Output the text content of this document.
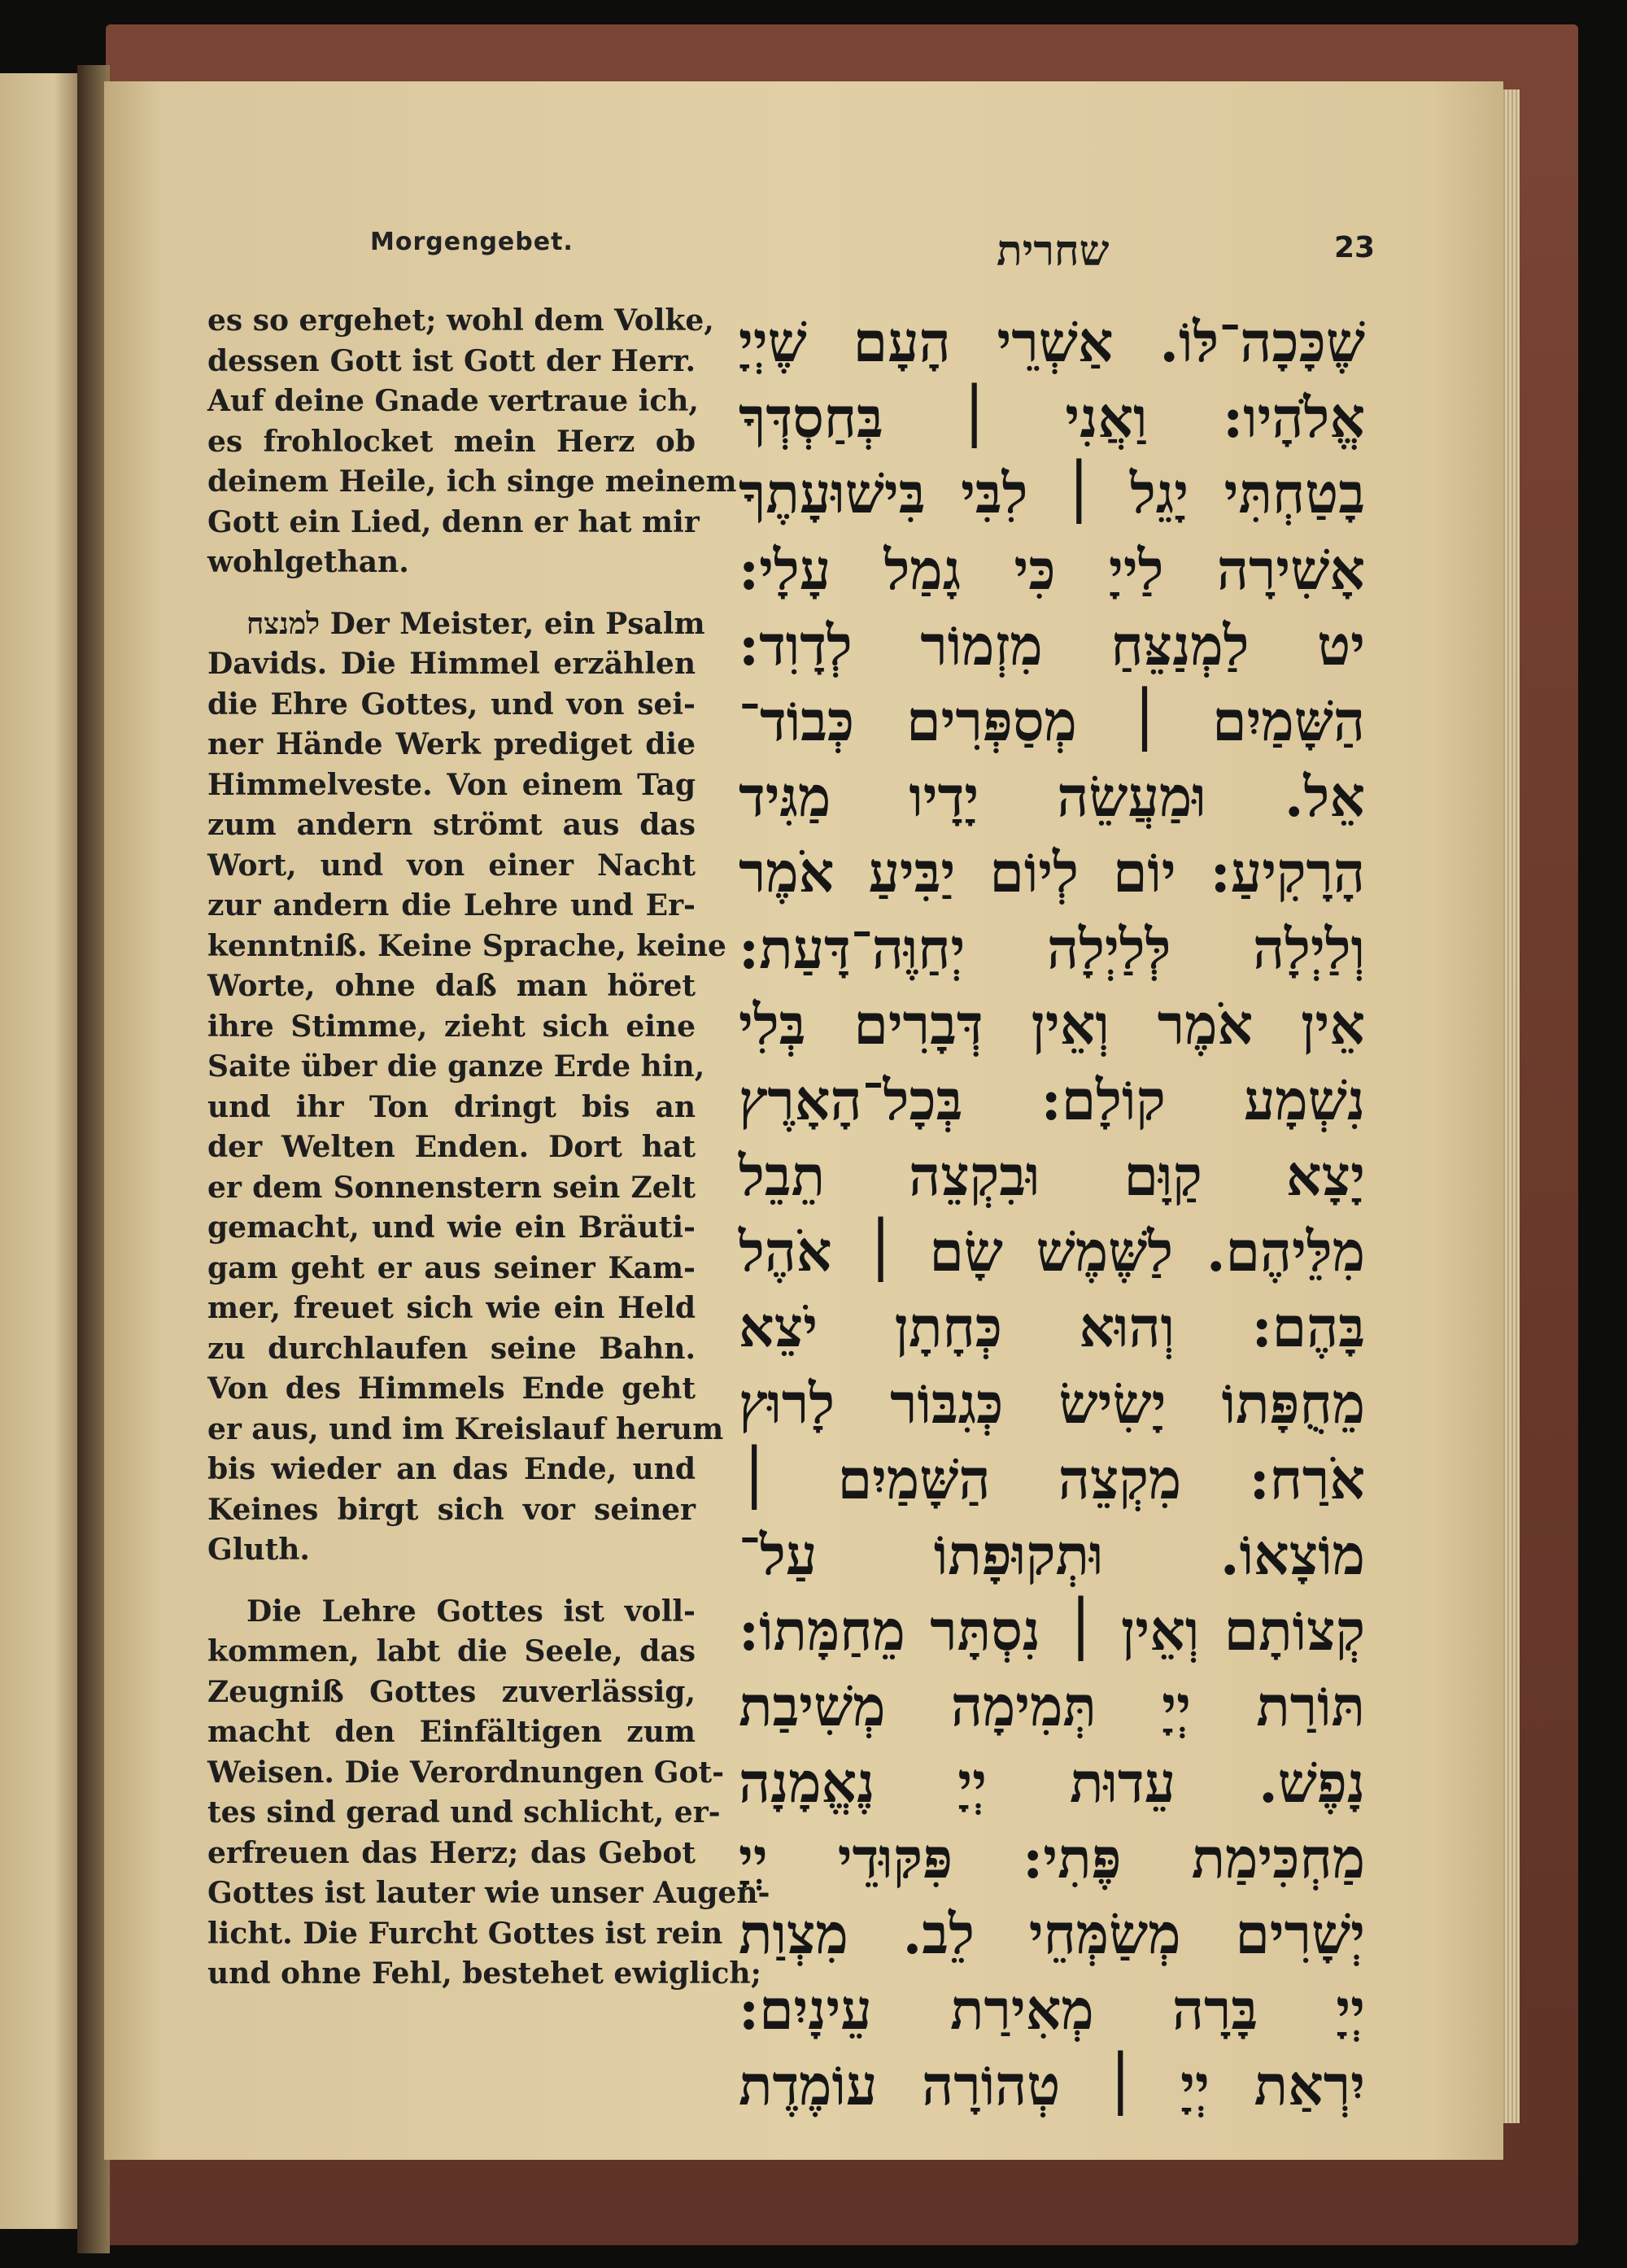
Morgengebet.	שחרית	23
es so ergehet; wohl dem Volke,
dessen Gott ist Gott der Herr.
Auf deine Gnade vertraue ich,
es frohlocket mein Herz ob
deinem Heile, ich singe meinem
Gott ein Lied, denn er hat mir
wohlgethan.
למנצח Der Meister, ein Psalm
Davids. Die Himmel erzählen
die Ehre Gottes, und von sei-
ner Hände Werk prediget die
Himmelveste. Von einem Tag
zum andern strömt aus das
Wort, und von einer Nacht
zur andern die Lehre und Er-
kenntniß. Keine Sprache, keine
Worte, ohne daß man höret
ihre Stimme, zieht sich eine
Saite über die ganze Erde hin,
und ihr Ton dringt bis an
der Welten Enden. Dort hat
er dem Sonnenstern sein Zelt
gemacht, und wie ein Bräuti-
gam geht er aus seiner Kam-
mer, freuet sich wie ein Held
zu durchlaufen seine Bahn.
Von des Himmels Ende geht
er aus, und im Kreislauf herum
bis wieder an das Ende, und
Keines birgt sich vor seiner
Gluth.
Die Lehre Gottes ist voll-
kommen, labt die Seele, das
Zeugniß Gottes zuverlässig,
macht den Einfältigen zum
Weisen. Die Verordnungen Got-
tes sind gerad und schlicht, er-
erfreuen das Herz; das Gebot
Gottes ist lauter wie unser Augen-
licht. Die Furcht Gottes ist rein
und ohne Fehl, bestehet ewiglich;
שֶׁכָּכָה־לּוֹ. אַשְׁרֵי הָעָם שֶׁיְיָ
אֱלֹהָיו: וַאֲנִי ׀ בְּחַסְדְּךָ
בָטַחְתִּי יָגֵל ׀ לִבִּי בִּישׁוּעָתֶךָ
אָשִׁירָה לַייָ כִּי גָמַל עָלָי:
יט לַמְנַצֵּחַ מִזְמוֹר לְדָוִד:
הַשָּׁמַיִם ׀ מְסַפְּרִים כְּבוֹד־
אֵל. וּמַעֲשֵׂה יָדָיו מַגִּיד
הָרָקִיעַ: יוֹם לְיוֹם יַבִּיעַ אֹמֶר
וְלַיְלָה לְּלַיְלָה יְחַוֶּה־דָּעַת:
אֵין אֹמֶר וְאֵין דְּבָרִים בְּלִי
נִשְׁמָע קוֹלָם: בְּכָל־הָאָרֶץ
יָצָא קַוָּם וּבִקְצֵה תֵבֵל
מִלֵּיהֶם. לַשֶּׁמֶשׁ שָׂם ׀ אֹהֶל
בָּהֶם: וְהוּא כְּחָתָן יֹצֵא
מֵחֻפָּתוֹ יָשִׂישׂ כְּגִבּוֹר לָרוּץ
אֹרַח: מִקְצֵה הַשָּׁמַיִם ׀
מוֹצָאוֹ. וּתְקוּפָתוֹ עַל־
קְצוֹתָם וְאֵין ׀ נִסְתָּר מֵחַמָּתוֹ:
תּוֹרַת יְיָ תְּמִימָה מְשִׁיבַת
נָפֶשׁ. עֵדוּת יְיָ נֶאֱמָנָה
מַחְכִּימַת פֶּתִי: פִּקּוּדֵי יְיָ
יְשָׁרִים מְשַׂמְּחֵי לֵב. מִצְוַת
יְיָ בָּרָה מְאִירַת עֵינָיִם:
יִרְאַת יְיָ ׀ טְהוֹרָה עוֹמֶדֶת
